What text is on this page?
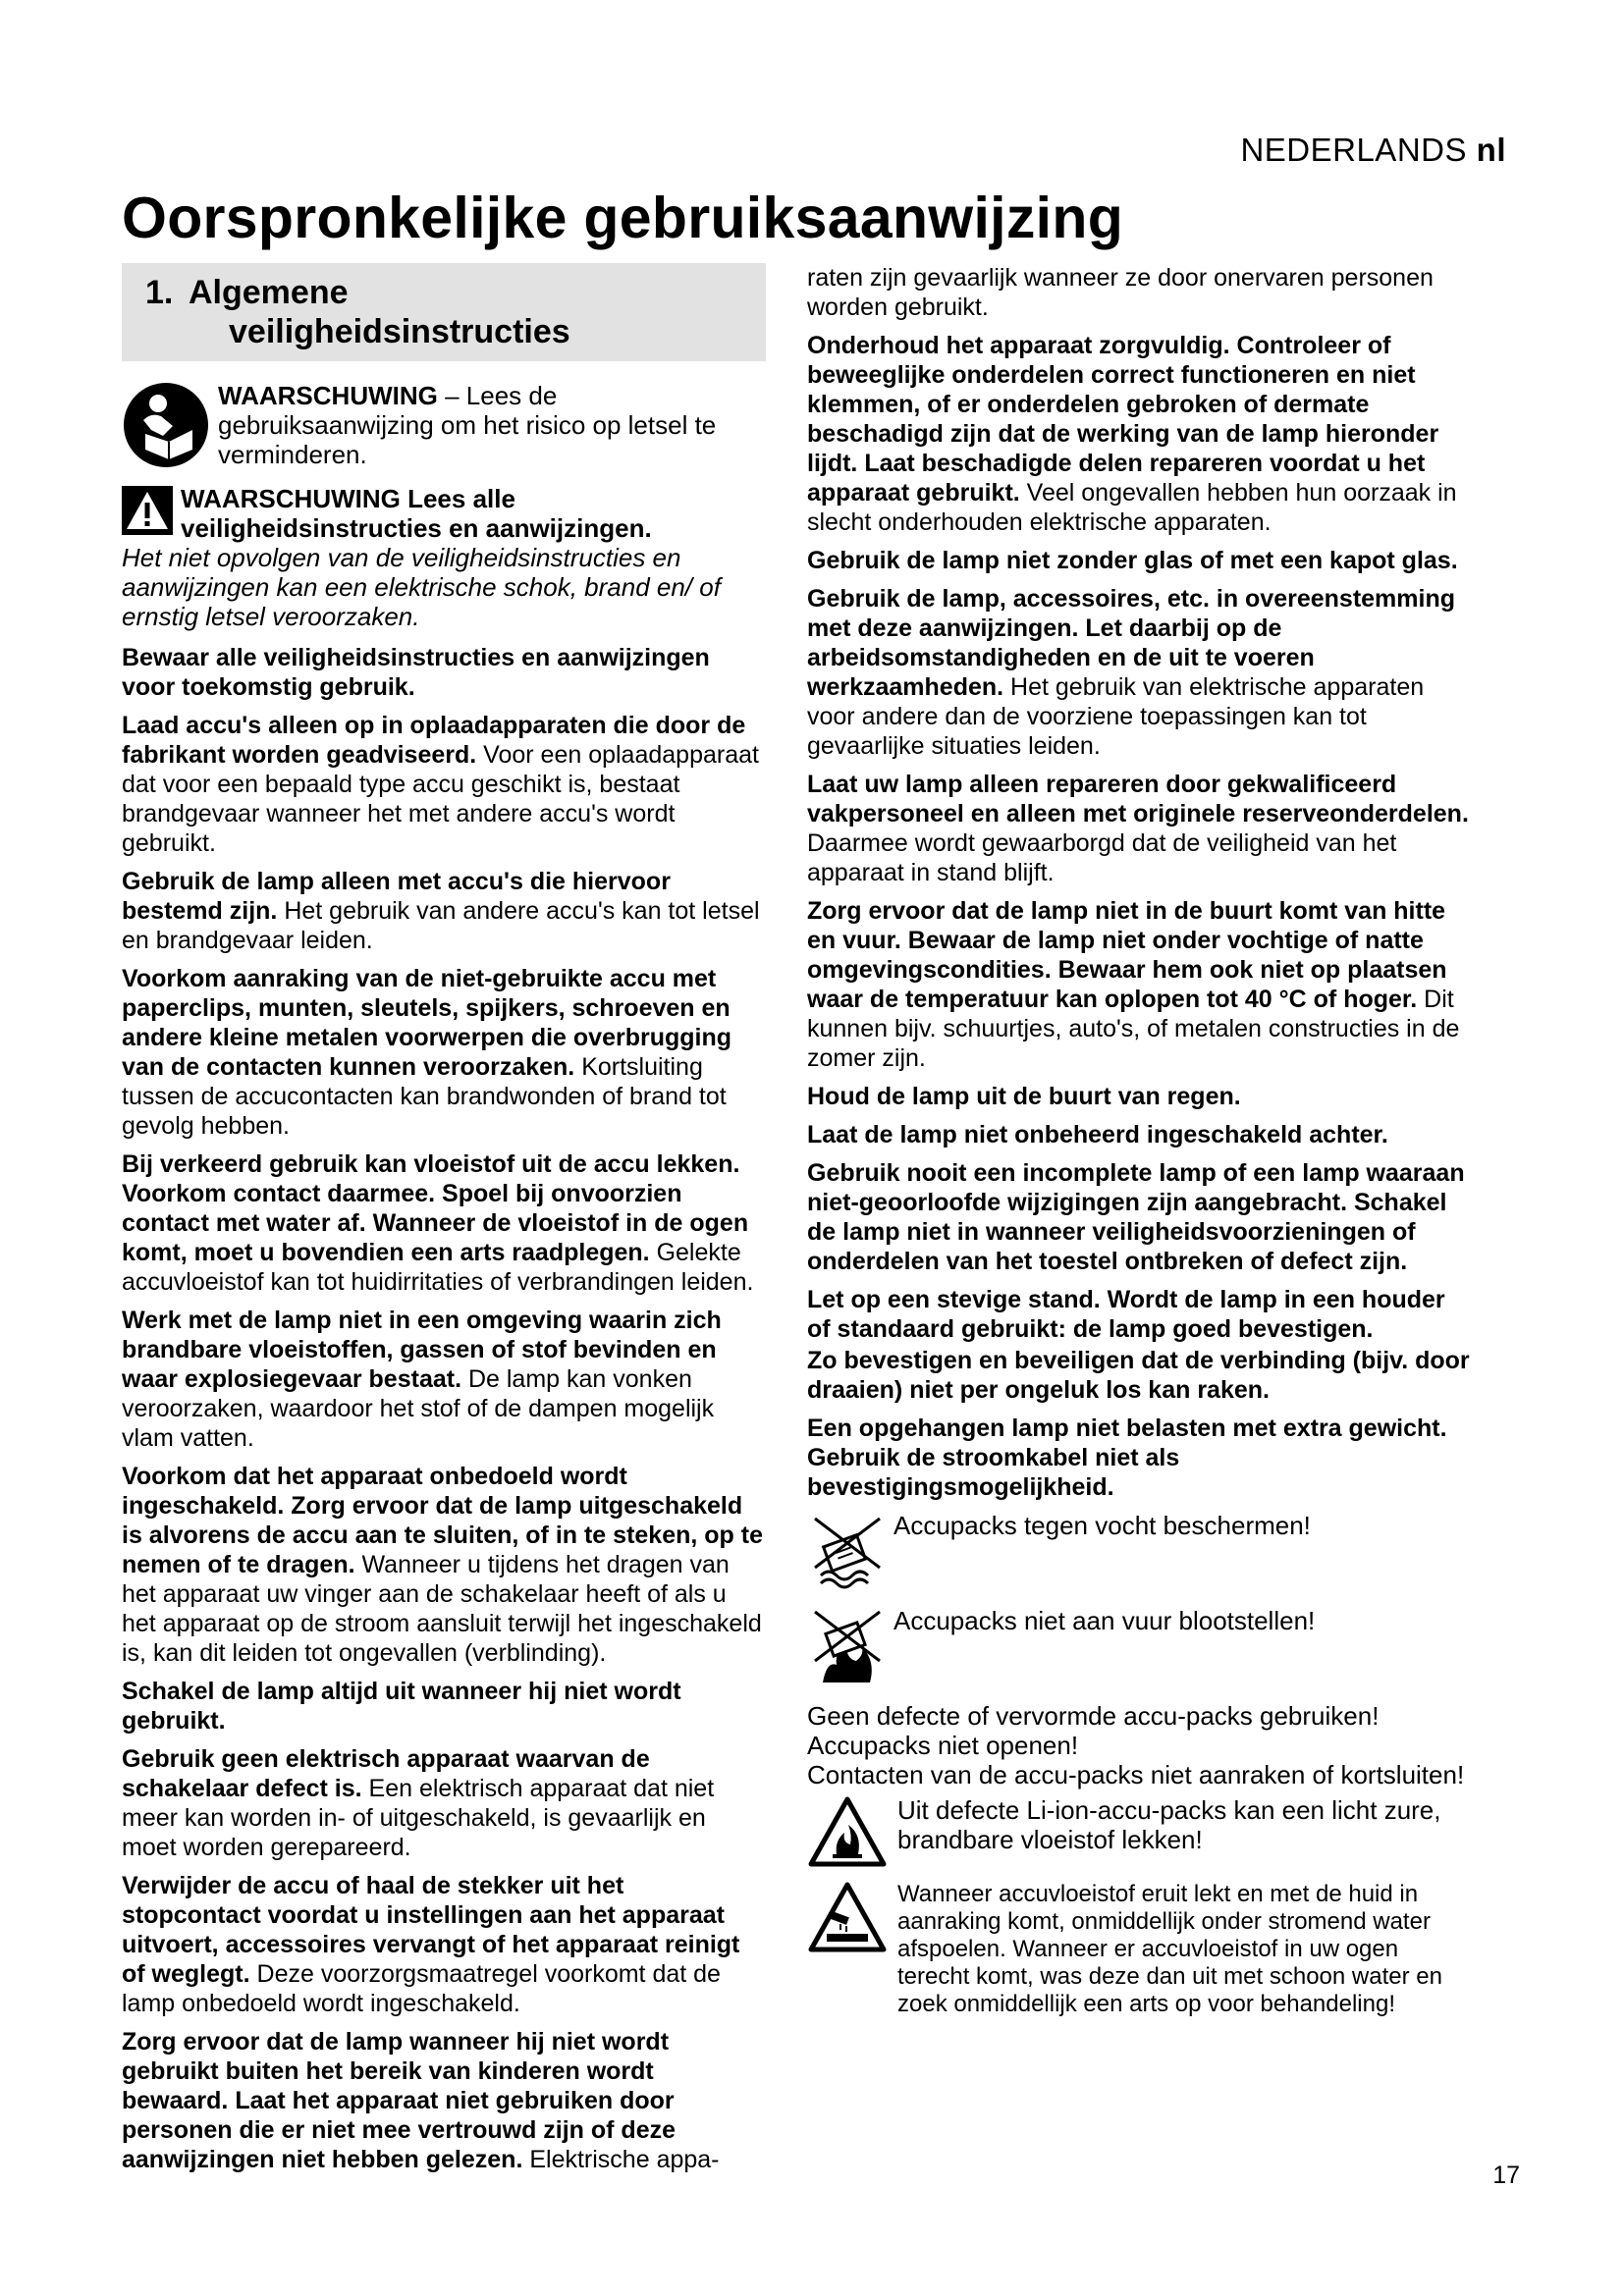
NEDERLANDS nl
Oorspronkelijke gebruiksaanwijzing
1. Algemene
veiligheidsinstructies
WAARSCHUWING – Lees de gebruiksaanwijzing om het risico op letsel te verminderen.
WAARSCHUWING Lees alle veiligheidsinstructies en aanwijzingen.
Het niet opvolgen van de veiligheidsinstructies en aanwijzingen kan een elektrische schok, brand en/ of ernstig letsel veroorzaken.

Bewaar alle veiligheidsinstructies en aanwijzingen voor toekomstig gebruik.

Laad accu's alleen op in oplaadapparaten die door de fabrikant worden geadviseerd. Voor een oplaadapparaat dat voor een bepaald type accu geschikt is, bestaat brandgevaar wanneer het met andere accu's wordt gebruikt.

Gebruik de lamp alleen met accu's die hiervoor bestemd zijn. Het gebruik van andere accu's kan tot letsel en brandgevaar leiden.

Voorkom aanraking van de niet-gebruikte accu met paperclips, munten, sleutels, spijkers, schroeven en andere kleine metalen voorwerpen die overbrugging van de contacten kunnen veroorzaken. Kortsluiting tussen de accucontacten kan brandwonden of brand tot gevolg hebben.

Bij verkeerd gebruik kan vloeistof uit de accu lekken. Voorkom contact daarmee. Spoel bij onvoorzien contact met water af. Wanneer de vloeistof in de ogen komt, moet u bovendien een arts raadplegen. Gelekte accuvloeistof kan tot huidirritaties of verbrandingen leiden.

Werk met de lamp niet in een omgeving waarin zich brandbare vloeistoffen, gassen of stof bevinden en waar explosiegevaar bestaat. De lamp kan vonken veroorzaken, waardoor het stof of de dampen mogelijk vlam vatten.

Voorkom dat het apparaat onbedoeld wordt ingeschakeld. Zorg ervoor dat de lamp uitgeschakeld is alvorens de accu aan te sluiten, of in te steken, op te nemen of te dragen. Wanneer u tijdens het dragen van het apparaat uw vinger aan de schakelaar heeft of als u het apparaat op de stroom aansluit terwijl het ingeschakeld is, kan dit leiden tot ongevallen (verblinding).

Schakel de lamp altijd uit wanneer hij niet wordt gebruikt.

Gebruik geen elektrisch apparaat waarvan de schakelaar defect is. Een elektrisch apparaat dat niet meer kan worden in- of uitgeschakeld, is gevaarlijk en moet worden gerepareerd.

Verwijder de accu of haal de stekker uit het stopcontact voordat u instellingen aan het apparaat uitvoert, accessoires vervangt of het apparaat reinigt of weglegt. Deze voorzorgsmaatregel voorkomt dat de lamp onbedoeld wordt ingeschakeld.

Zorg ervoor dat de lamp wanneer hij niet wordt gebruikt buiten het bereik van kinderen wordt bewaard. Laat het apparaat niet gebruiken door personen die er niet mee vertrouwd zijn of deze aanwijzingen niet hebben gelezen. Elektrische appa-

raten zijn gevaarlijk wanneer ze door onervaren personen worden gebruikt.

Onderhoud het apparaat zorgvuldig. Controleer of beweeglijke onderdelen correct functioneren en niet klemmen, of er onderdelen gebroken of dermate beschadigd zijn dat de werking van de lamp hieronder lijdt. Laat beschadigde delen repareren voordat u het apparaat gebruikt. Veel ongevallen hebben hun oorzaak in slecht onderhouden elektrische apparaten.

Gebruik de lamp niet zonder glas of met een kapot glas.

Gebruik de lamp, accessoires, etc. in overeenstemming met deze aanwijzingen. Let daarbij op de arbeidsomstandigheden en de uit te voeren werkzaamheden. Het gebruik van elektrische apparaten voor andere dan de voorziene toepassingen kan tot gevaarlijke situaties leiden.

Laat uw lamp alleen repareren door gekwalificeerd vakpersoneel en alleen met originele reserveonderdelen. Daarmee wordt gewaarborgd dat de veiligheid van het apparaat in stand blijft.

Zorg ervoor dat de lamp niet in de buurt komt van hitte en vuur. Bewaar de lamp niet onder vochtige of natte omgevingscondities. Bewaar hem ook niet op plaatsen waar de temperatuur kan oplopen tot 40 °C of hoger. Dit kunnen bijv. schuurtjes, auto's, of metalen constructies in de zomer zijn.

Houd de lamp uit de buurt van regen.

Laat de lamp niet onbeheerd ingeschakeld achter.

Gebruik nooit een incomplete lamp of een lamp waaraan niet-geoorloofde wijzigingen zijn aangebracht. Schakel de lamp niet in wanneer veiligheidsvoorzieningen of onderdelen van het toestel ontbreken of defect zijn.

Let op een stevige stand. Wordt de lamp in een houder of standaard gebruikt: de lamp goed bevestigen.

Zo bevestigen en beveiligen dat de verbinding (bijv. door draaien) niet per ongeluk los kan raken.

Een opgehangen lamp niet belasten met extra gewicht. Gebruik de stroomkabel niet als bevestigingsmogelijkheid.

Accupacks tegen vocht beschermen!
Accupacks niet aan vuur blootstellen!
Geen defecte of vervormde accu-packs gebruiken!
Accupacks niet openen!
Contacten van de accu-packs niet aanraken of kortsluiten!
Uit defecte Li-ion-accu-packs kan een licht zure, brandbare vloeistof lekken!
Wanneer accuvloeistof eruit lekt en met de huid in aanraking komt, onmiddellijk onder stromend water afspoelen. Wanneer er accuvloeistof in uw ogen terecht komt, was deze dan uit met schoon water en zoek onmiddellijk een arts op voor behandeling!
17
